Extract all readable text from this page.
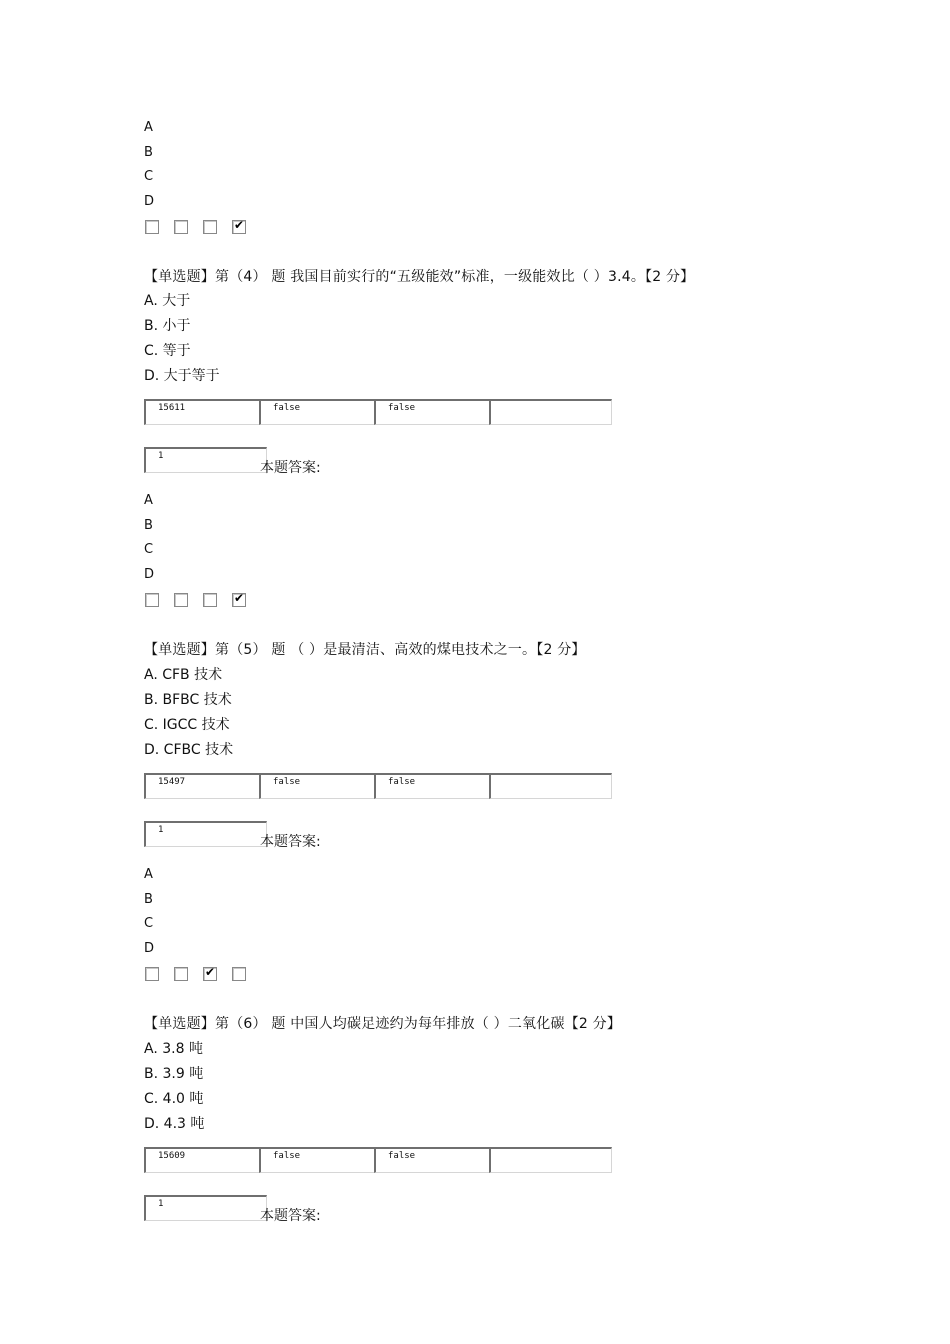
A
B
C
D
✔
【单选题】第（4） 题 我国目前实行的“五级能效”标准，一级能效比（ ）3.4。【2 分】
A. 大于
B. 小于
C. 等于
D. 大于等于
15611	false	false
1
本题答案:
A
B
C
D
✔
【单选题】第（5） 题 （ ）是最清洁、高效的煤电技术之一。【2 分】
A. CFB 技术
B. BFBC 技术
C. IGCC 技术
D. CFBC 技术
15497	false	false
1
本题答案:
A
B
C
D
✔
【单选题】第（6） 题 中国人均碳足迹约为每年排放（ ）二氧化碳【2 分】
A. 3.8 吨
B. 3.9 吨
C. 4.0 吨
D. 4.3 吨
15609	false	false
1
本题答案:
